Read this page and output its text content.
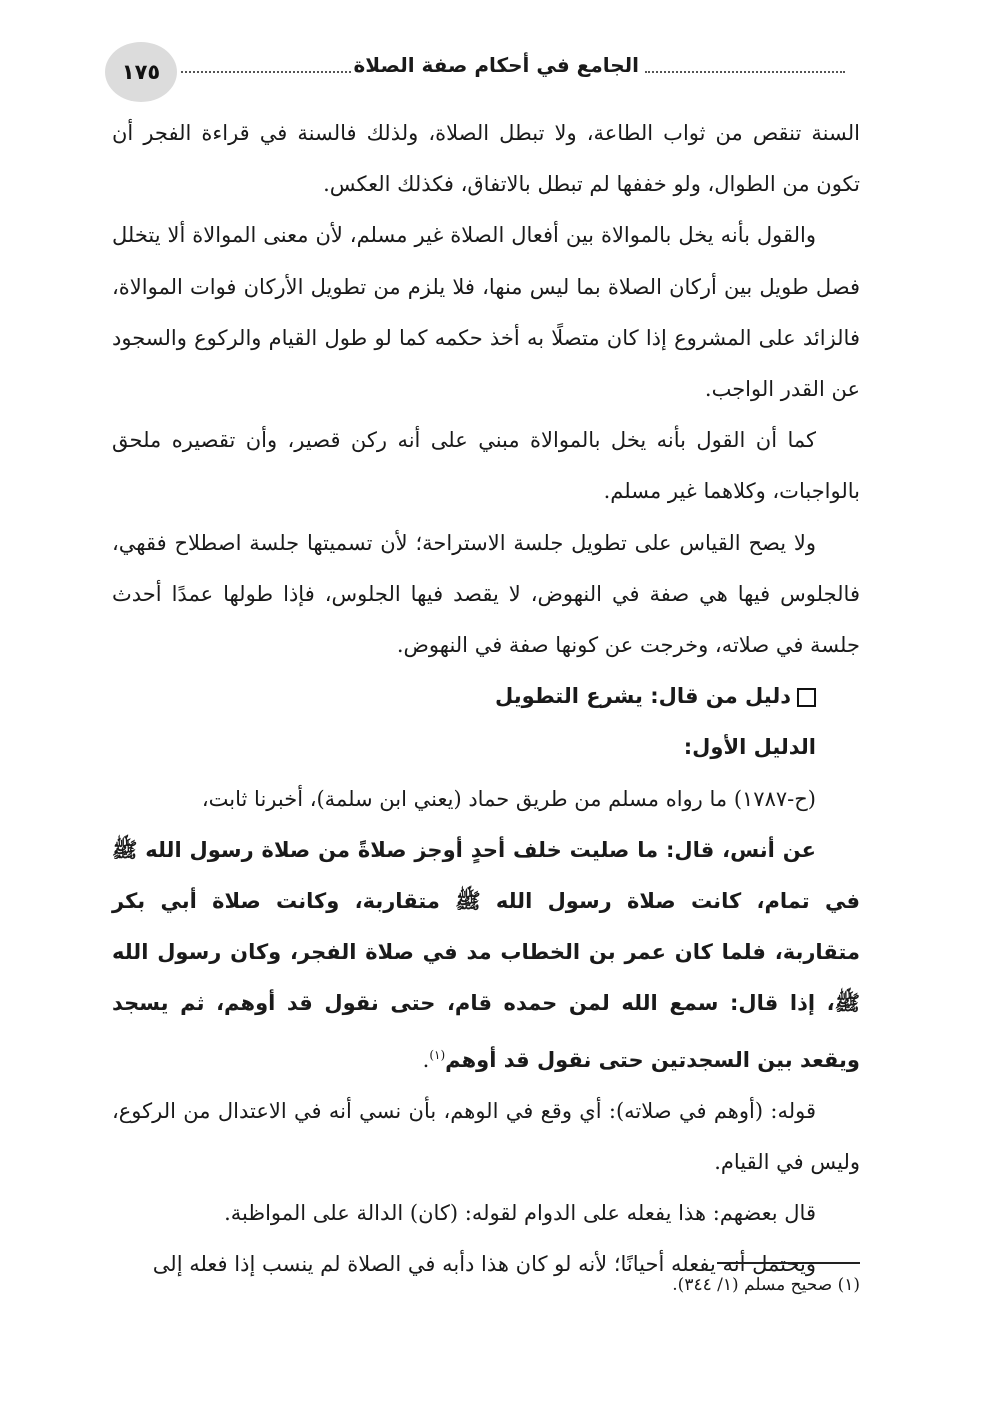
١٧٥	الجامع في أحكام صفة الصلاة

السنة تنقص من ثواب الطاعة، ولا تبطل الصلاة، ولذلك فالسنة في قراءة الفجر أن تكون من الطوال، ولو خففها لم تبطل بالاتفاق، فكذلك العكس.

والقول بأنه يخل بالموالاة بين أفعال الصلاة غير مسلم، لأن معنى الموالاة ألا يتخلل فصل طويل بين أركان الصلاة بما ليس منها، فلا يلزم من تطويل الأركان فوات الموالاة، فالزائد على المشروع إذا كان متصلًا به أخذ حكمه كما لو طول القيام والركوع والسجود عن القدر الواجب.

كما أن القول بأنه يخل بالموالاة مبني على أنه ركن قصير، وأن تقصيره ملحق بالواجبات، وكلاهما غير مسلم.

ولا يصح القياس على تطويل جلسة الاستراحة؛ لأن تسميتها جلسة اصطلاح فقهي، فالجلوس فيها هي صفة في النهوض، لا يقصد فيها الجلوس، فإذا طولها عمدًا أحدث جلسة في صلاته، وخرجت عن كونها صفة في النهوض.

دليل من قال: يشرع التطويل

الدليل الأول:

(ح-١٧٨٧) ما رواه مسلم من طريق حماد (يعني ابن سلمة)، أخبرنا ثابت،

عن أنس، قال: ما صليت خلف أحدٍ أوجز صلاةً من صلاة رسول الله ﷺ في تمام، كانت صلاة رسول الله ﷺ متقاربة، وكانت صلاة أبي بكر متقاربة، فلما كان عمر بن الخطاب مد في صلاة الفجر، وكان رسول الله ﷺ، إذا قال: سمع الله لمن حمده قام، حتى نقول قد أوهم، ثم يسجد ويقعد بين السجدتين حتى نقول قد أوهم$^{(١)}$.

قوله: (أوهم في صلاته): أي وقع في الوهم، بأن نسي أنه في الاعتدال من الركوع، وليس في القيام.

قال بعضهم: هذا يفعله على الدوام لقوله: (كان) الدالة على المواظبة.

ويحتمل أنه يفعله أحيانًا؛ لأنه لو كان هذا دأبه في الصلاة لم ينسب إذا فعله إلى

(١) صحيح مسلم (١/ ٣٤٤).
